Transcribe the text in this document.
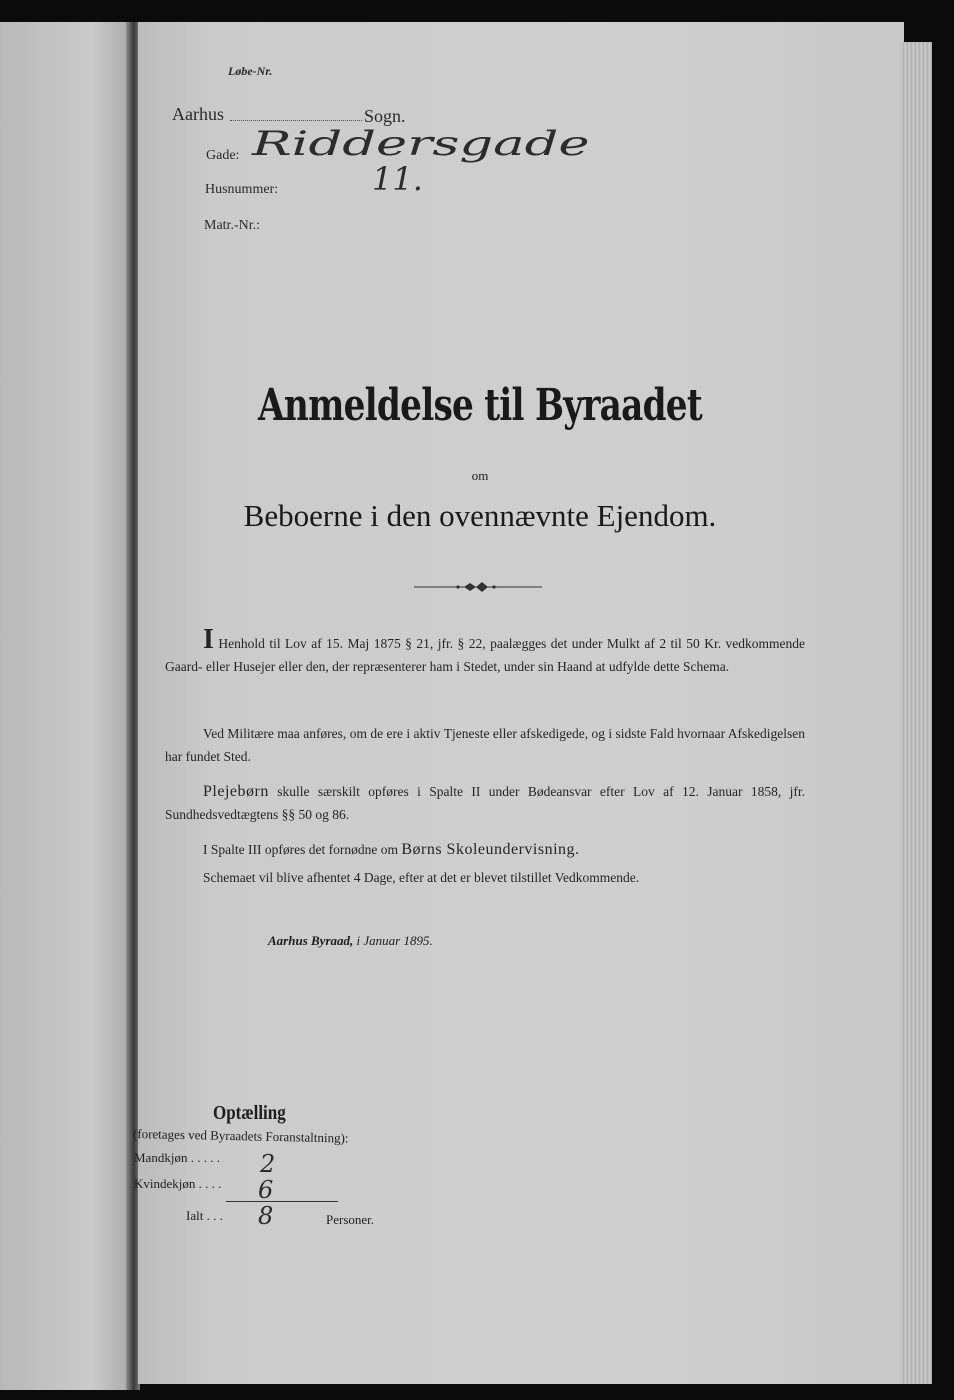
Løbe-Nr.
Aarhus	Sogn.
Gade: Riddersgade
Husnummer:	11.
Matr.-Nr.:
Anmeldelse til Byraadet
om
Beboerne i den ovennævnte Ejendom.
I Henhold til Lov af 15. Maj 1875 § 21, jfr. § 22, paalægges det under Mulkt af 2 til 50 Kr. vedkommende Gaard- eller Husejer eller den, der repræsenterer ham i Stedet, under sin Haand at udfylde dette Schema.
Ved Militære maa anføres, om de ere i aktiv Tjeneste eller afskedigede, og i sidste Fald hvornaar Afskedigelsen har fundet Sted.
Plejebørn skulle særskilt opføres i Spalte II under Bødeansvar efter Lov af 12. Januar 1858, jfr. Sundhedsvedtægtens §§ 50 og 86.
I Spalte III opføres det fornødne om Børns Skoleundervisning.
Schemaet vil blive afhentet 4 Dage, efter at det er blevet tilstillet Vedkommende.
Aarhus Byraad, i Januar 1895.
Optælling
(foretages ved Byraadets Foranstaltning):
Mandkjøn . . . . . 2
Kvindekjøn . . . . 6
Ialt . . . 8	Personer.
